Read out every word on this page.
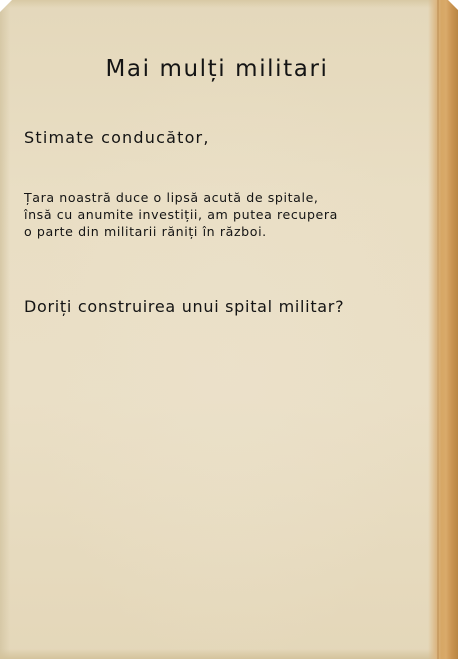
Mai mulți militari
Stimate conducător,
Țara noastră duce o lipsă acută de spitale,
însă cu anumite investiții, am putea recupera
o parte din militarii răniți în război.
Doriți construirea unui spital militar?
